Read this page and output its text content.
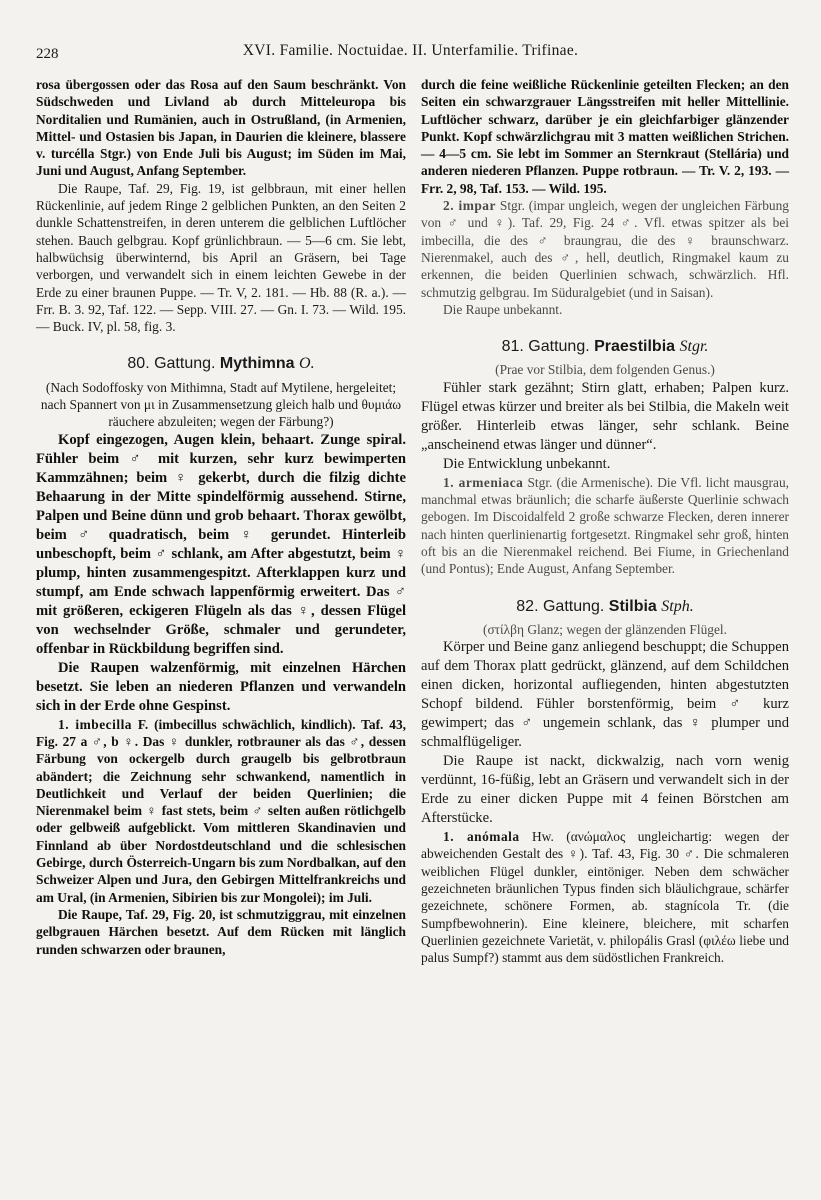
228	XVI. Familie. Noctuidae. II. Unterfamilie. Trifinae.

rosa übergossen oder das Rosa auf den Saum beschränkt. Von Südschweden und Livland ab durch Mitteleuropa bis Norditalien und Rumänien, auch in Ostrußland, (in Armenien, Mittel- und Ostasien bis Japan, in Daurien die kleinere, blassere v. turcélla Stgr.) von Ende Juli bis August; im Süden im Mai, Juni und August, Anfang September.

Die Raupe, Taf. 29, Fig. 19, ist gelbbraun, mit einer hellen Rückenlinie, auf jedem Ringe 2 gelblichen Punkten, an den Seiten 2 dunkle Schattenstreifen, in deren unterem die gelblichen Luftlöcher stehen. Bauch gelbgrau. Kopf grünlichbraun. — 5—6 cm. Sie lebt, halbwüchsig überwinternd, bis April an Gräsern, bei Tage verborgen, und verwandelt sich in einem leichten Gewebe in der Erde zu einer braunen Puppe. — Tr. V, 2. 181. — Hb. 88 (R. a.). — Frr. B. 3. 92, Taf. 122. — Sepp. VIII. 27. — Gn. I. 73. — Wild. 195. — Buck. IV, pl. 58, fig. 3.

80. Gattung. Mythimna O.

(Nach Sodoffosky von Mithimna, Stadt auf Mytilene, hergeleitet; nach Spannert von μι in Zusammensetzung gleich halb und θυμιάω räuchere abzuleiten; wegen der Färbung?)

Kopf eingezogen, Augen klein, behaart. Zunge spiral. Fühler beim ♂ mit kurzen, sehr kurz bewimperten Kammzähnen; beim ♀ gekerbt, durch die filzig dichte Behaarung in der Mitte spindelförmig aussehend. Stirne, Palpen und Beine dünn und grob behaart. Thorax gewölbt, beim ♂ quadratisch, beim ♀ gerundet. Hinterleib unbeschopft, beim ♂ schlank, am After abgestutzt, beim ♀ plump, hinten zusammengespitzt. Afterklappen kurz und stumpf, am Ende schwach lappenförmig erweitert. Das ♂ mit größeren, eckigeren Flügeln als das ♀, dessen Flügel von wechselnder Größe, schmaler und gerundeter, offenbar in Rückbildung begriffen sind.

Die Raupen walzenförmig, mit einzelnen Härchen besetzt. Sie leben an niederen Pflanzen und verwandeln sich in der Erde ohne Gespinst.

1. imbecilla F. (imbecillus schwächlich, kindlich). Taf. 43, Fig. 27 a ♂, b ♀. Das ♀ dunkler, rotbrauner als das ♂, dessen Färbung von ockergelb durch graugelb bis gelbrotbraun abändert; die Zeichnung sehr schwankend, namentlich in Deutlichkeit und Verlauf der beiden Querlinien; die Nierenmakel beim ♀ fast stets, beim ♂ selten außen rötlichgelb oder gelbweiß aufgeblickt. Vom mittleren Skandinavien und Finnland ab über Nordostdeutschland und die schlesischen Gebirge, durch Österreich-Ungarn bis zum Nordbalkan, auf den Schweizer Alpen und Jura, den Gebirgen Mittelfrankreichs und am Ural, (in Armenien, Sibirien bis zur Mongolei); im Juli.

Die Raupe, Taf. 29, Fig. 20, ist schmutziggrau, mit einzelnen gelbgrauen Härchen besetzt. Auf dem Rücken mit länglich runden schwarzen oder braunen,

durch die feine weißliche Rückenlinie geteilten Flecken; an den Seiten ein schwarzgrauer Längsstreifen mit heller Mittellinie. Luftlöcher schwarz, darüber je ein gleichfarbiger glänzender Punkt. Kopf schwärzlichgrau mit 3 matten weißlichen Strichen. — 4—5 cm. Sie lebt im Sommer an Sternkraut (Stellária) und anderen niederen Pflanzen. Puppe rotbraun. — Tr. V. 2, 193. — Frr. 2, 98, Taf. 153. — Wild. 195.

2. impar Stgr. (impar ungleich, wegen der ungleichen Färbung von ♂ und ♀). Taf. 29, Fig. 24 ♂. Vfl. etwas spitzer als bei imbecilla, die des ♂ braungrau, die des ♀ braunschwarz. Nierenmakel, auch des ♂, hell, deutlich, Ringmakel kaum zu erkennen, die beiden Querlinien schwach, schwärzlich. Hfl. schmutzig gelbgrau. Im Süduralgebiet (und in Saisan).

Die Raupe unbekannt.

81. Gattung. Praestilbia Stgr.

(Prae vor Stilbia, dem folgenden Genus.)

Fühler stark gezähnt; Stirn glatt, erhaben; Palpen kurz. Flügel etwas kürzer und breiter als bei Stilbia, die Makeln weit größer. Hinterleib etwas länger, sehr schlank. Beine „anscheinend etwas länger und dünner“.

Die Entwicklung unbekannt.

1. armeniaca Stgr. (die Armenische). Die Vfl. licht mausgrau, manchmal etwas bräunlich; die scharfe äußerste Querlinie schwach gebogen. Im Discoidalfeld 2 große schwarze Flecken, deren innerer nach hinten querlinienartig fortgesetzt. Ringmakel sehr groß, hinten oft bis an die Nierenmakel reichend. Bei Fiume, in Griechenland (und Pontus); Ende August, Anfang September.

82. Gattung. Stilbia Stph.

(στίλβη Glanz; wegen der glänzenden Flügel.

Körper und Beine ganz anliegend beschuppt; die Schuppen auf dem Thorax platt gedrückt, glänzend, auf dem Schildchen einen dicken, horizontal aufliegenden, hinten abgestutzten Schopf bildend. Fühler borstenförmig, beim ♂ kurz gewimpert; das ♂ ungemein schlank, das ♀ plumper und schmalflügeliger.

Die Raupe ist nackt, dickwalzig, nach vorn wenig verdünnt, 16-füßig, lebt an Gräsern und verwandelt sich in der Erde zu einer dicken Puppe mit 4 feinen Börstchen am Afterstücke.

1. anómala Hw. (ανώμαλος ungleichartig: wegen der abweichenden Gestalt des ♀). Taf. 43, Fig. 30 ♂. Die schmaleren weiblichen Flügel dunkler, eintöniger. Neben dem schwächer gezeichneten bräunlichen Typus finden sich bläulichgraue, schärfer gezeichnete, schönere Formen, ab. stagnícola Tr. (die Sumpfbewohnerin). Eine kleinere, bleichere, mit scharfen Querlinien gezeichnete Varietät, v. philopális Grasl (φιλέω liebe und palus Sumpf?) stammt aus dem südöstlichen Frankreich.
